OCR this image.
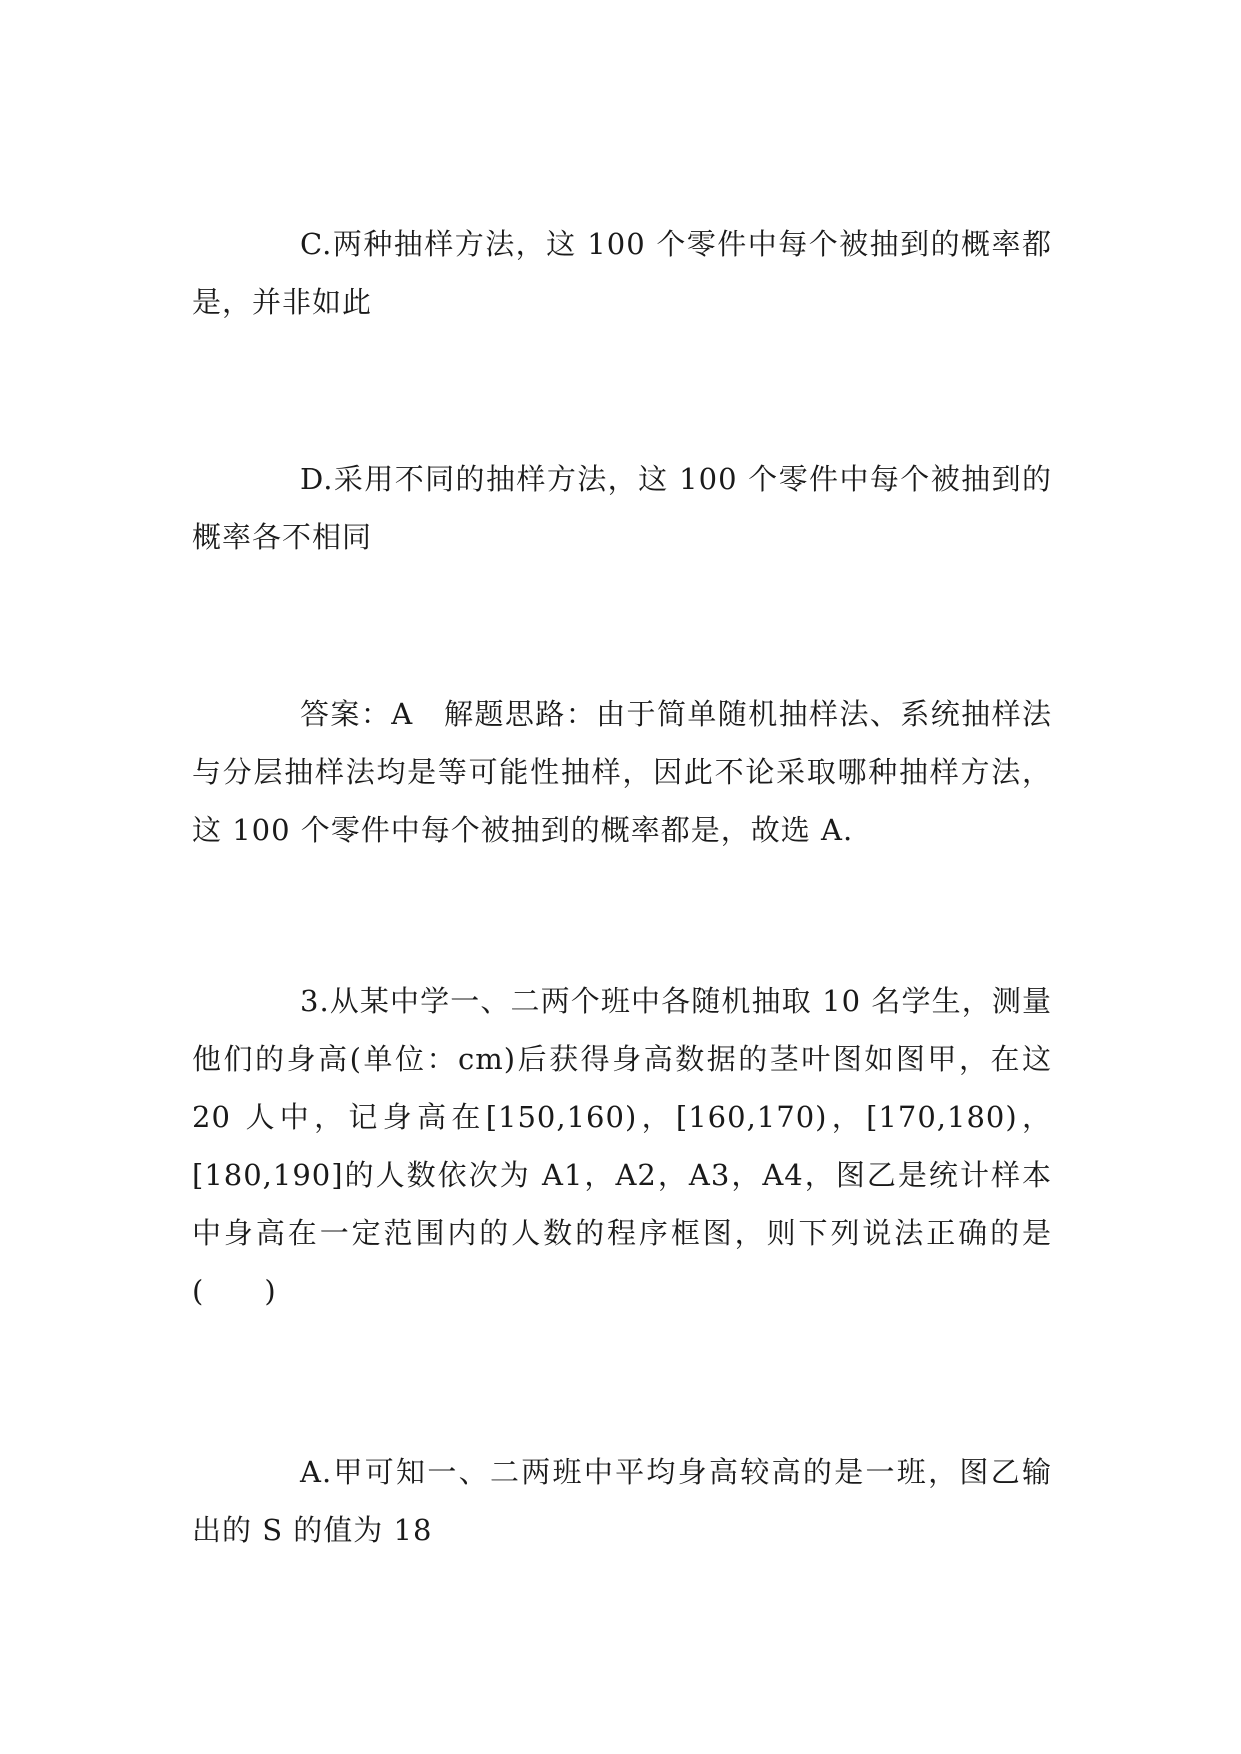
C.两种抽样方法，这 100 个零件中每个被抽到的概率都是，并非如此

D.采用不同的抽样方法，这 100 个零件中每个被抽到的概率各不相同

答案：A　解题思路：由于简单随机抽样法、系统抽样法与分层抽样法均是等可能性抽样，因此不论采取哪种抽样方法，这 100 个零件中每个被抽到的概率都是，故选 A.

3.从某中学一、二两个班中各随机抽取 10 名学生，测量他们的身高(单位：cm)后获得身高数据的茎叶图如图甲，在这 20 人中，记身高在[150,160)，[160,170)，[170,180)，[180,190]的人数依次为 A1，A2，A3，A4，图乙是统计样本中身高在一定范围内的人数的程序框图，则下列说法正确的是(　　)

A.甲可知一、二两班中平均身高较高的是一班，图乙输出的 S 的值为 18
